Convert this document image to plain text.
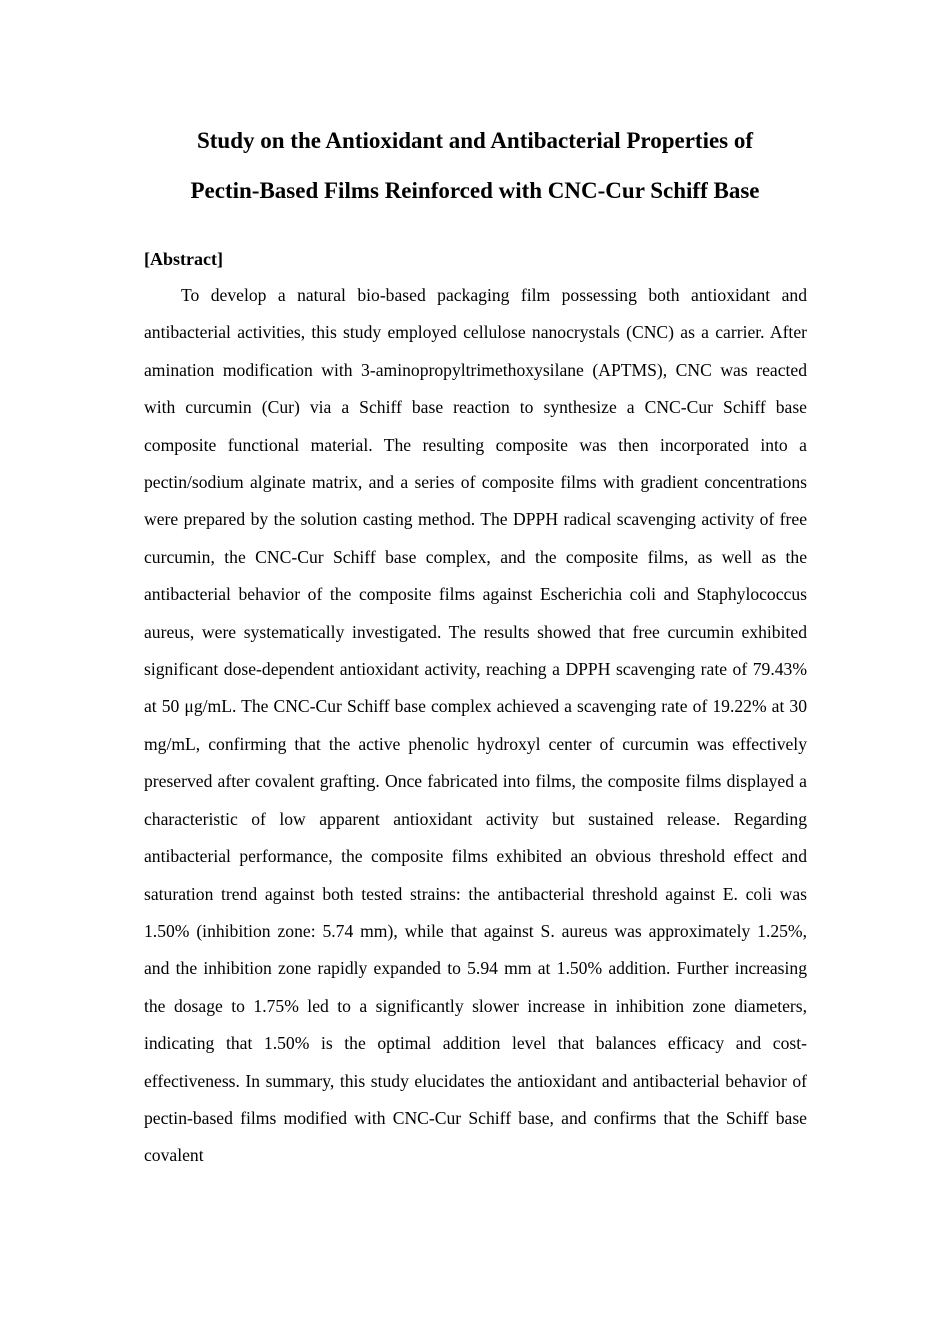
Study on the Antioxidant and Antibacterial Properties of
Pectin-Based Films Reinforced with CNC-Cur Schiff Base
[Abstract]

To develop a natural bio-based packaging film possessing both antioxidant and antibacterial activities, this study employed cellulose nanocrystals (CNC) as a carrier. After amination modification with 3-aminopropyltrimethoxysilane (APTMS), CNC was reacted with curcumin (Cur) via a Schiff base reaction to synthesize a CNC-Cur Schiff base composite functional material. The resulting composite was then incorporated into a pectin/sodium alginate matrix, and a series of composite films with gradient concentrations were prepared by the solution casting method. The DPPH radical scavenging activity of free curcumin, the CNC-Cur Schiff base complex, and the composite films, as well as the antibacterial behavior of the composite films against Escherichia coli and Staphylococcus aureus, were systematically investigated. The results showed that free curcumin exhibited significant dose-dependent antioxidant activity, reaching a DPPH scavenging rate of 79.43% at 50 μg/mL. The CNC-Cur Schiff base complex achieved a scavenging rate of 19.22% at 30 mg/mL, confirming that the active phenolic hydroxyl center of curcumin was effectively preserved after covalent grafting. Once fabricated into films, the composite films displayed a characteristic of low apparent antioxidant activity but sustained release. Regarding antibacterial performance, the composite films exhibited an obvious threshold effect and saturation trend against both tested strains: the antibacterial threshold against E. coli was 1.50% (inhibition zone: 5.74 mm), while that against S. aureus was approximately 1.25%, and the inhibition zone rapidly expanded to 5.94 mm at 1.50% addition. Further increasing the dosage to 1.75% led to a significantly slower increase in inhibition zone diameters, indicating that 1.50% is the optimal addition level that balances efficacy and cost-effectiveness. In summary, this study elucidates the antioxidant and antibacterial behavior of pectin-based films modified with CNC-Cur Schiff base, and confirms that the Schiff base covalent
